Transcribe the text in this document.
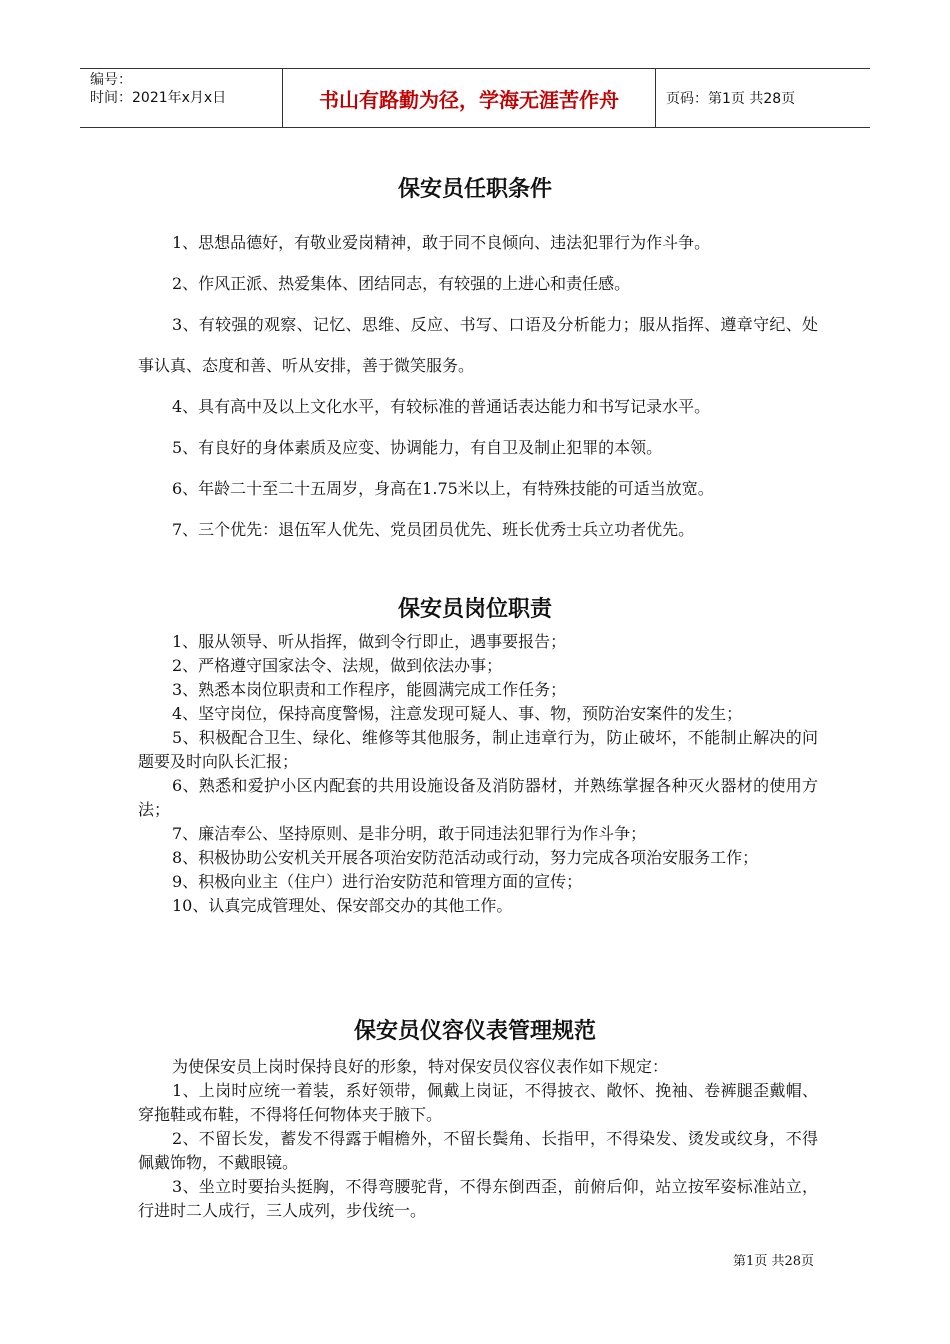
编号：
时间：2021年x月x日	书山有路勤为径，学海无涯苦作舟	页码：第1页 共28页
保安员任职条件

1、思想品德好，有敬业爱岗精神，敢于同不良倾向、违法犯罪行为作斗争。

2、作风正派、热爱集体、团结同志，有较强的上进心和责任感。

3、有较强的观察、记忆、思维、反应、书写、口语及分析能力；服从指挥、遵章守纪、处事认真、态度和善、听从安排，善于微笑服务。

4、具有高中及以上文化水平，有较标准的普通话表达能力和书写记录水平。

5、有良好的身体素质及应变、协调能力，有自卫及制止犯罪的本领。

6、年龄二十至二十五周岁，身高在1.75米以上，有特殊技能的可适当放宽。

7、三个优先：退伍军人优先、党员团员优先、班长优秀士兵立功者优先。

保安员岗位职责

1、服从领导、听从指挥，做到令行即止，遇事要报告；

2、严格遵守国家法令、法规，做到依法办事；

3、熟悉本岗位职责和工作程序，能圆满完成工作任务；

4、坚守岗位，保持高度警惕，注意发现可疑人、事、物，预防治安案件的发生；

5、积极配合卫生、绿化、维修等其他服务，制止违章行为，防止破坏，不能制止解决的问题要及时向队长汇报；

6、熟悉和爱护小区内配套的共用设施设备及消防器材，并熟练掌握各种灭火器材的使用方法；

7、廉洁奉公、坚持原则、是非分明，敢于同违法犯罪行为作斗争；

8、积极协助公安机关开展各项治安防范活动或行动，努力完成各项治安服务工作；

9、积极向业主（住户）进行治安防范和管理方面的宣传；

10、认真完成管理处、保安部交办的其他工作。

保安员仪容仪表管理规范

为使保安员上岗时保持良好的形象，特对保安员仪容仪表作如下规定：

1、上岗时应统一着装，系好领带，佩戴上岗证，不得披衣、敞怀、挽袖、卷裤腿歪戴帽、穿拖鞋或布鞋，不得将任何物体夹于腋下。

2、不留长发，蓄发不得露于帽檐外，不留长鬓角、长指甲，不得染发、烫发或纹身，不得佩戴饰物，不戴眼镜。

3、坐立时要抬头挺胸，不得弯腰驼背，不得东倒西歪，前俯后仰，站立按军姿标准站立，行进时二人成行，三人成列，步伐统一。

第1页 共28页
